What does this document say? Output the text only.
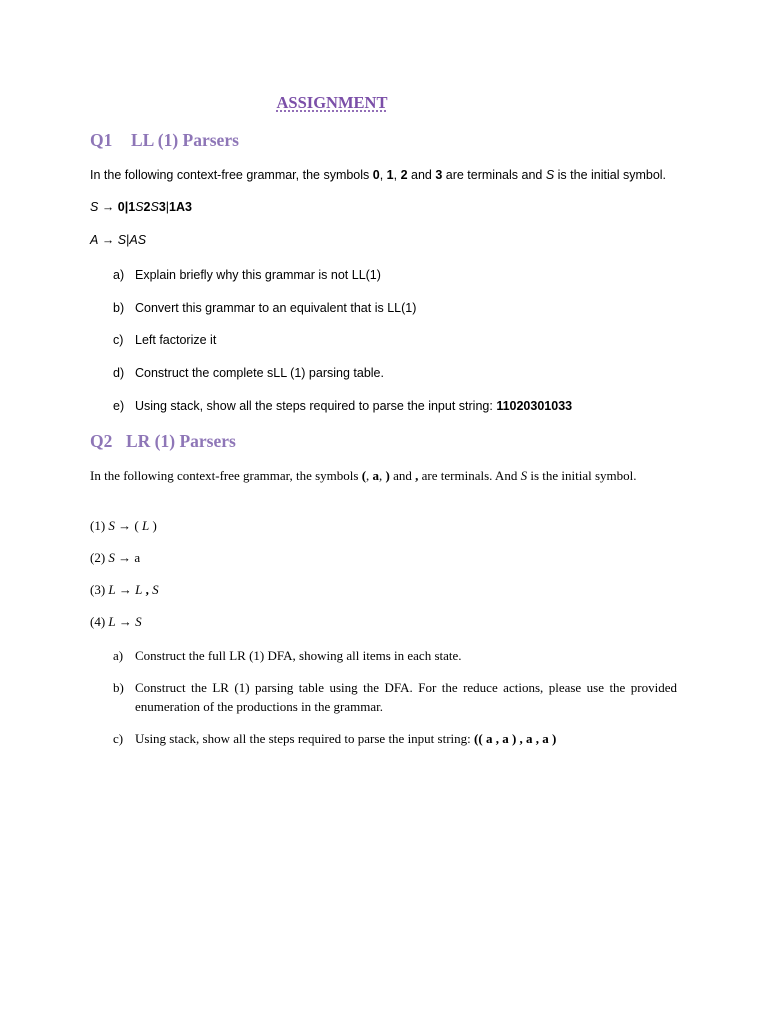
ASSIGNMENT
Q1 LL (1) Parsers
In the following context-free grammar, the symbols 0, 1, 2 and 3 are terminals and S is the initial symbol.
S → 0|1S2S3|1A3
A → S|AS
a) Explain briefly why this grammar is not LL(1)
b) Convert this grammar to an equivalent that is LL(1)
c) Left factorize it
d) Construct the complete sLL (1) parsing table.
e) Using stack, show all the steps required to parse the input string: 11020301033
Q2 LR (1) Parsers
In the following context-free grammar, the symbols (, a, ) and , are terminals. And S is the initial symbol.
(1) S → ( L )
(2) S → a
(3) L → L , S
(4) L → S
a) Construct the full LR (1) DFA, showing all items in each state.
b) Construct the LR (1) parsing table using the DFA. For the reduce actions, please use the provided enumeration of the productions in the grammar.
c) Using stack, show all the steps required to parse the input string: (( a , a ) , a , a )
